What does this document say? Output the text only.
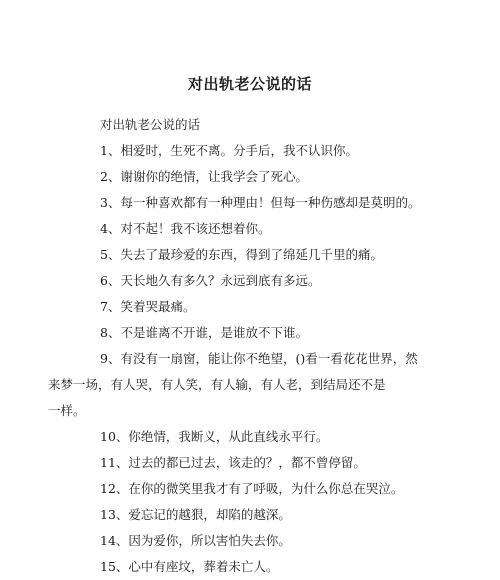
对出轨老公说的话

对出轨老公说的话

1、相爱时，生死不离。分手后，我不认识你。

2、谢谢你的绝情，让我学会了死心。

3、每一种喜欢都有一种理由！但每一种伤感却是莫明的。

4、对不起！我不该还想着你。

5、失去了最珍爱的东西，得到了绵延几千里的痛。

6、天长地久有多久？永远到底有多远。

7、笑着哭最痛。

8、不是谁离不开谁，是谁放不下谁。

9、有没有一扇窗，能让你不绝望，()看一看花花世界，然

来梦一场，有人哭，有人笑，有人输，有人老，到结局还不是

一样。

10、你绝情，我断义，从此直线永平行。

11、过去的都已过去，该走的？，都不曾停留。

12、在你的微笑里我才有了呼吸，为什么你总在哭泣。

13、爱忘记的越狠，却陷的越深。

14、因为爱你，所以害怕失去你。

15、心中有座坟，葬着未亡人。
